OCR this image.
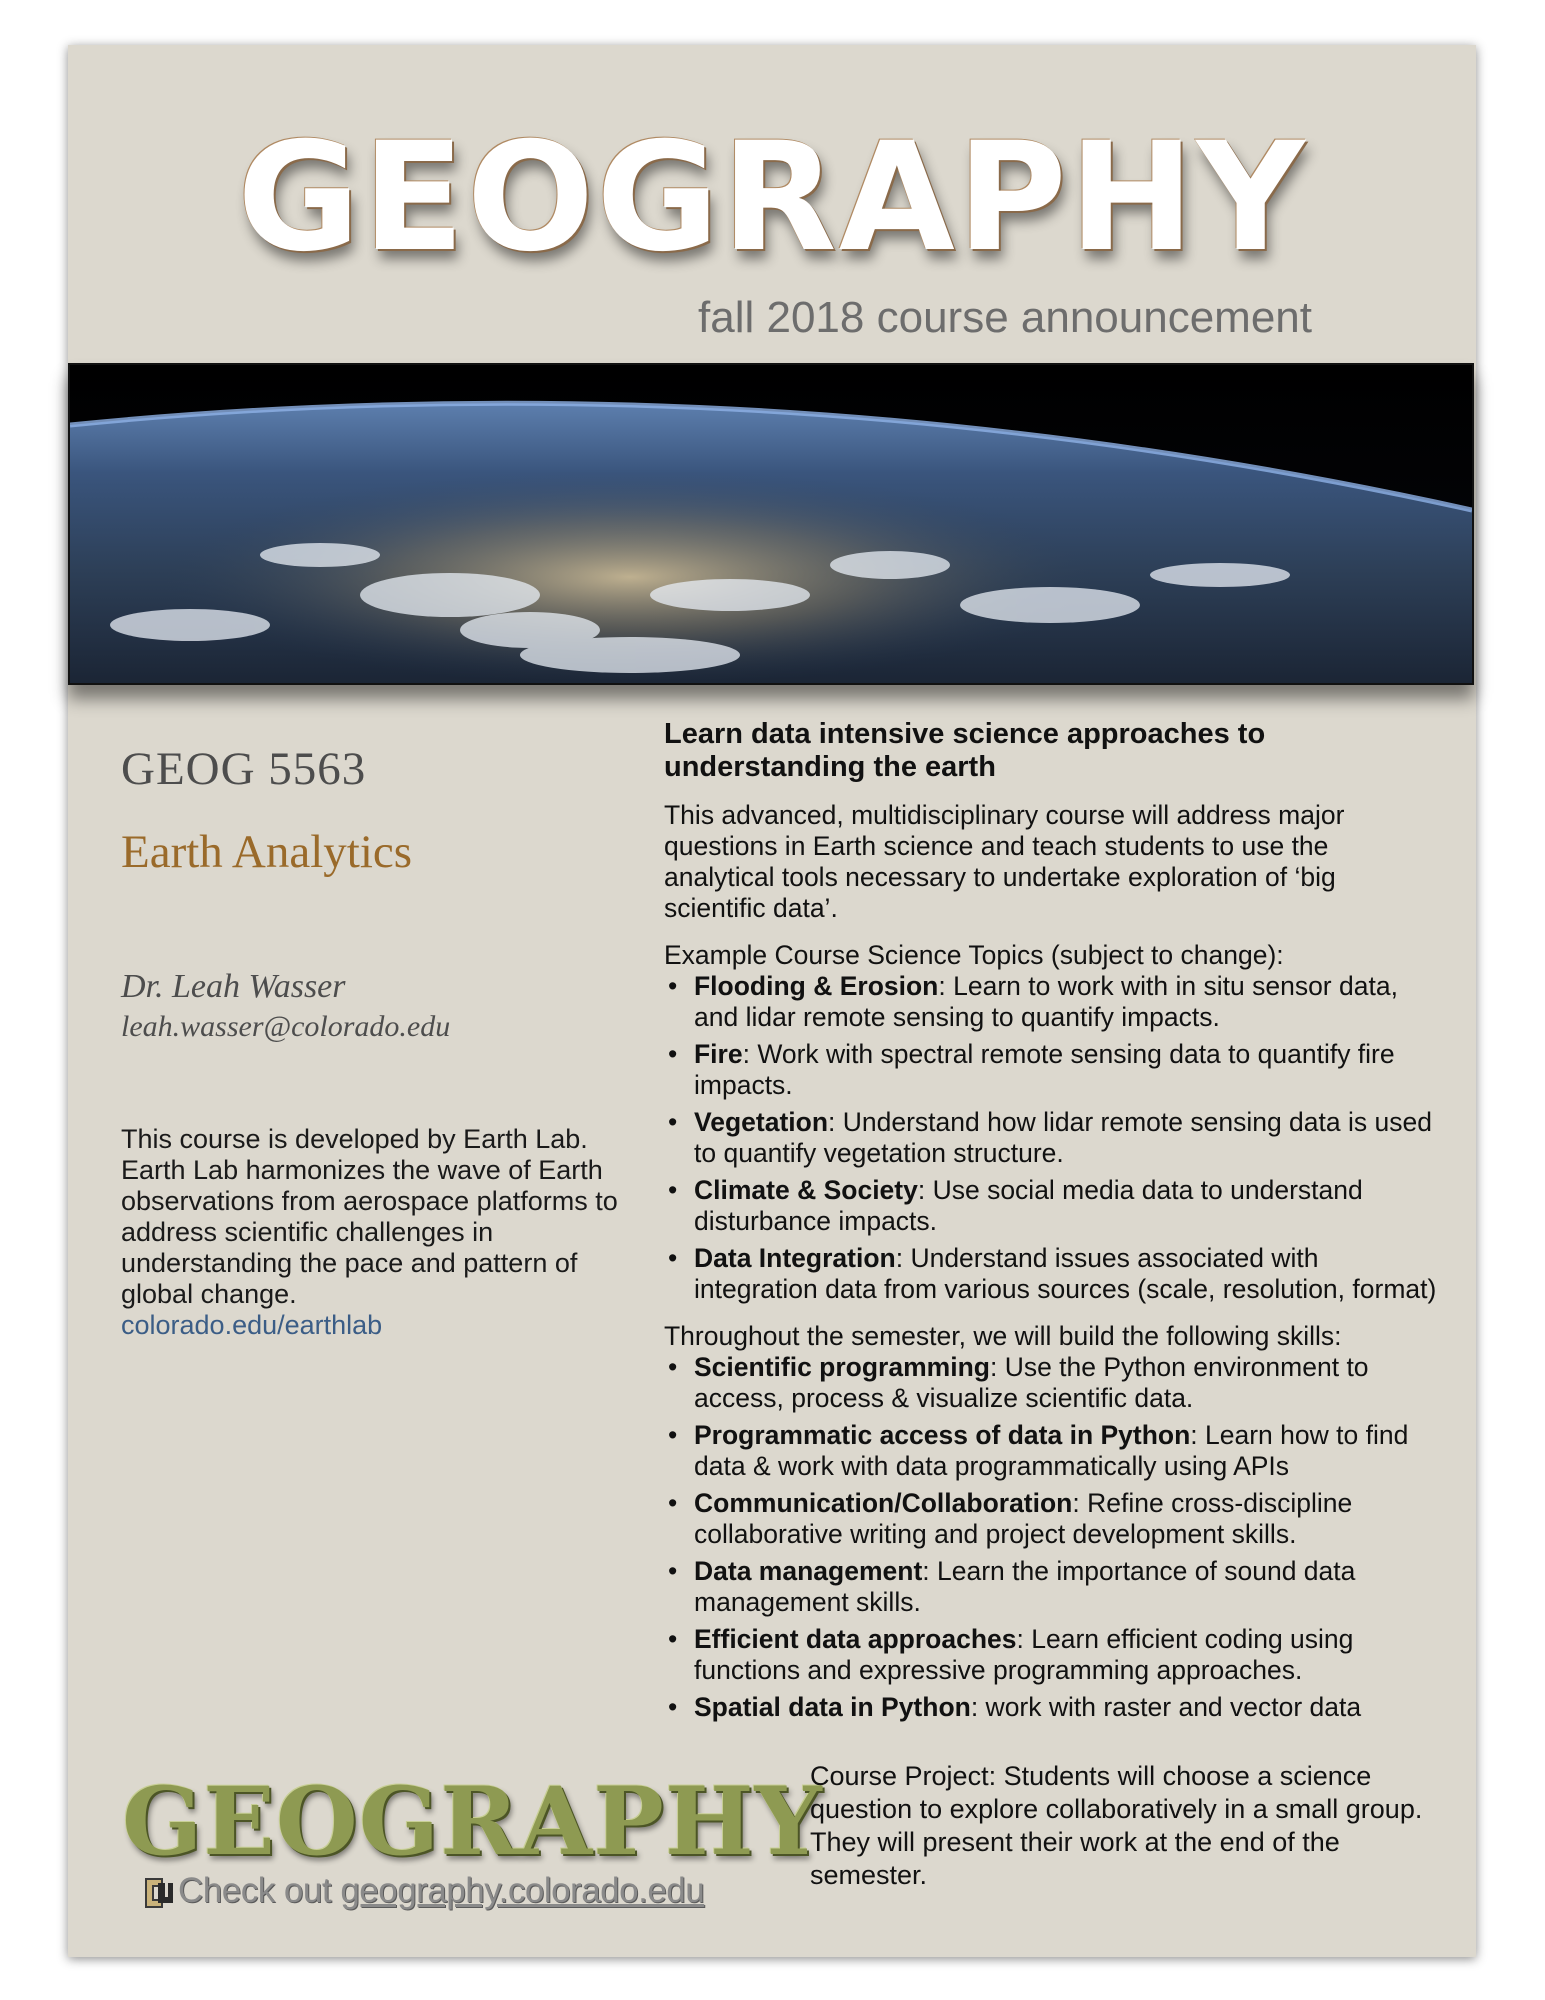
GEOGRAPHY
fall 2018 course announcement
GEOG 5563
Earth Analytics
Dr. Leah Wasser
leah.wasser@colorado.edu
This course is developed by Earth Lab. Earth Lab harmonizes the wave of Earth observations from aerospace platforms to address scientific challenges in understanding the pace and pattern of global change.
colorado.edu/earthlab
Learn data intensive science approaches to understanding the earth
This advanced, multidisciplinary course will address major questions in Earth science and teach students to use the analytical tools necessary to undertake exploration of ‘big scientific data’.
Example Course Science Topics (subject to change):
• Flooding & Erosion: Learn to work with in situ sensor data, and lidar remote sensing to quantify impacts.
• Fire: Work with spectral remote sensing data to quantify fire impacts.
• Vegetation: Understand how lidar remote sensing data is used to quantify vegetation structure.
• Climate & Society: Use social media data to understand disturbance impacts.
• Data Integration: Understand issues associated with integration data from various sources (scale, resolution, format)
Throughout the semester, we will build the following skills:
• Scientific programming: Use the Python environment to access, process & visualize scientific data.
• Programmatic access of data in Python: Learn how to find data & work with data programmatically using APIs
• Communication/Collaboration: Refine cross-discipline collaborative writing and project development skills.
• Data management: Learn the importance of sound data management skills.
• Efficient data approaches: Learn efficient coding using functions and expressive programming approaches.
• Spatial data in Python: work with raster and vector data
GEOGRAPHY
Check out geography.colorado.edu
Course Project: Students will choose a science question to explore collaboratively in a small group. They will present their work at the end of the semester.
